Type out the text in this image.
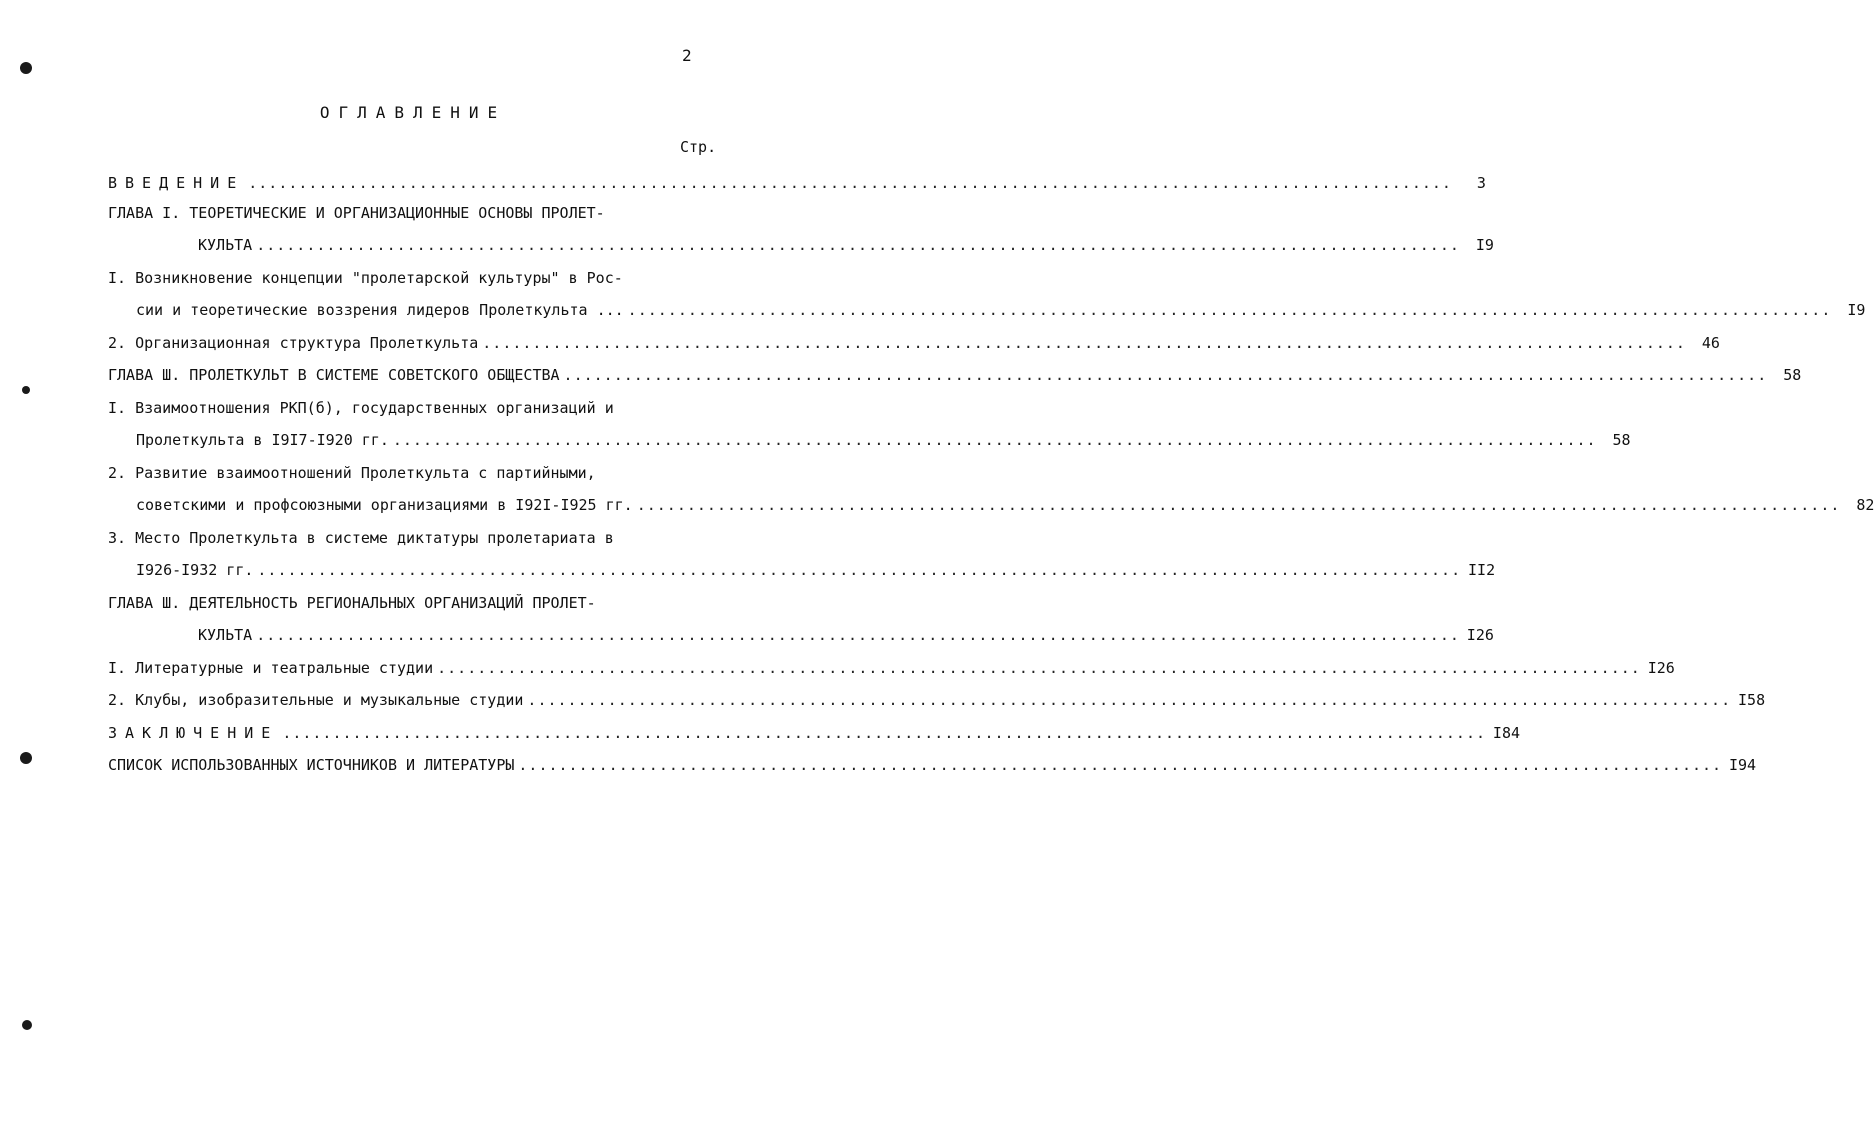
2
ОГЛАВЛЕНИЕ
Стр.
ВВЕДЕНИЕ ........................................................................................................................	3
ГЛАВА I. ТЕОРЕТИЧЕСКИЕ И ОРГАНИЗАЦИОННЫЕ ОСНОВЫ ПРОЛЕТ-
КУЛЬТА ........................................................................................................................	I9
I. Возникновение концепции "пролетарской культуры" в Рос-
сии и теоретические воззрения лидеров Пролеткульта ... ........................................................................................................................	I9
2. Организационная структура Пролеткульта ........................................................................................................................	46
ГЛАВА Ш. ПРОЛЕТКУЛЬТ В СИСТЕМЕ СОВЕТСКОГО ОБЩЕСТВА ........................................................................................................................	58
I. Взаимоотношения РКП(б), государственных организаций и
Пролеткульта в I9I7-I920 гг. ........................................................................................................................	58
2. Развитие взаимоотношений Пролеткульта с партийными,
советскими и профсоюзными организациями в I92I-I925 гг. ........................................................................................................................	82
3. Место Пролеткульта в системе диктатуры пролетариата в
I926-I932 гг. ........................................................................................................................ II2
ГЛАВА Ш. ДЕЯТЕЛЬНОСТЬ РЕГИОНАЛЬНЫХ ОРГАНИЗАЦИЙ ПРОЛЕТ-
КУЛЬТА ........................................................................................................................ I26
I. Литературные и театральные студии ........................................................................................................................ I26
2. Клубы, изобразительные и музыкальные студии ........................................................................................................................ I58
ЗАКЛЮЧЕНИЕ ........................................................................................................................ I84
СПИСОК ИСПОЛЬЗОВАННЫХ ИСТОЧНИКОВ И ЛИТЕРАТУРЫ ........................................................................................................................ I94
